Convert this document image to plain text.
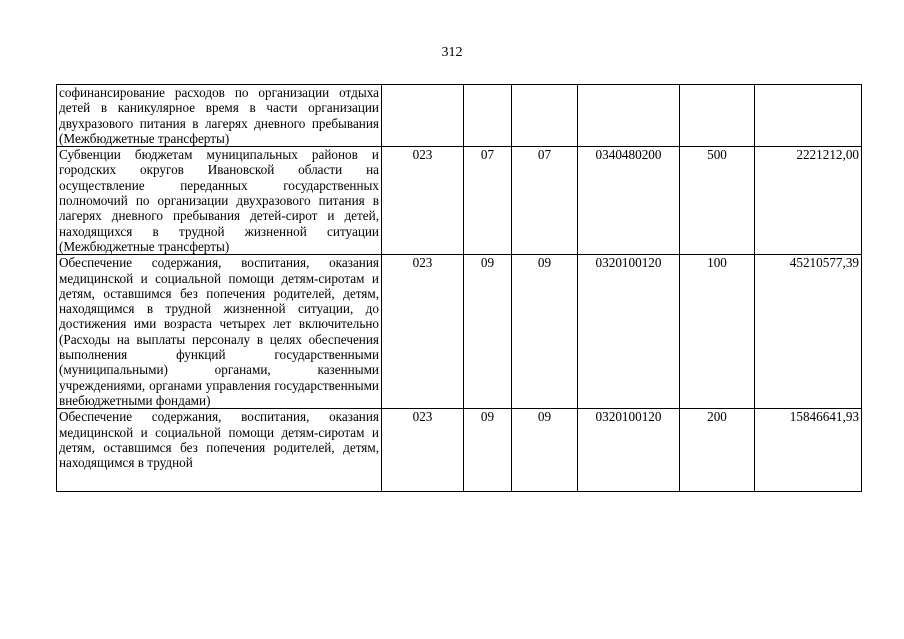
312
софинансирование расходов по организации отдыха детей в каникулярное время в части организации двухразового питания в лагерях дневного пребывания (Межбюджетные трансферты)						
Субвенции бюджетам муниципальных районов и городских округов Ивановской области на осуществление переданных государственных полномочий по организации двухразового питания в лагерях дневного пребывания детей-сирот и детей, находящихся в трудной жизненной ситуации (Межбюджетные трансферты)	023	07	07	0340480200	500	2221212,00
Обеспечение содержания, воспитания, оказания медицинской и социальной помощи детям-сиротам и детям, оставшимся без попечения родителей, детям, находящимся в трудной жизненной ситуации, до достижения ими возраста четырех лет включительно (Расходы на выплаты персоналу в целях обеспечения выполнения функций государственными (муниципальными) органами, казенными учреждениями, органами управления государственными внебюджетными фондами)	023	09	09	0320100120	100	45210577,39

Обеспечение содержания, воспитания, оказания медицинской и социальной помощи детям-сиротам и детям, оставшимся без попечения родителей, детям, находящимся в трудной	023	09	09	0320100120	200	15846641,93
